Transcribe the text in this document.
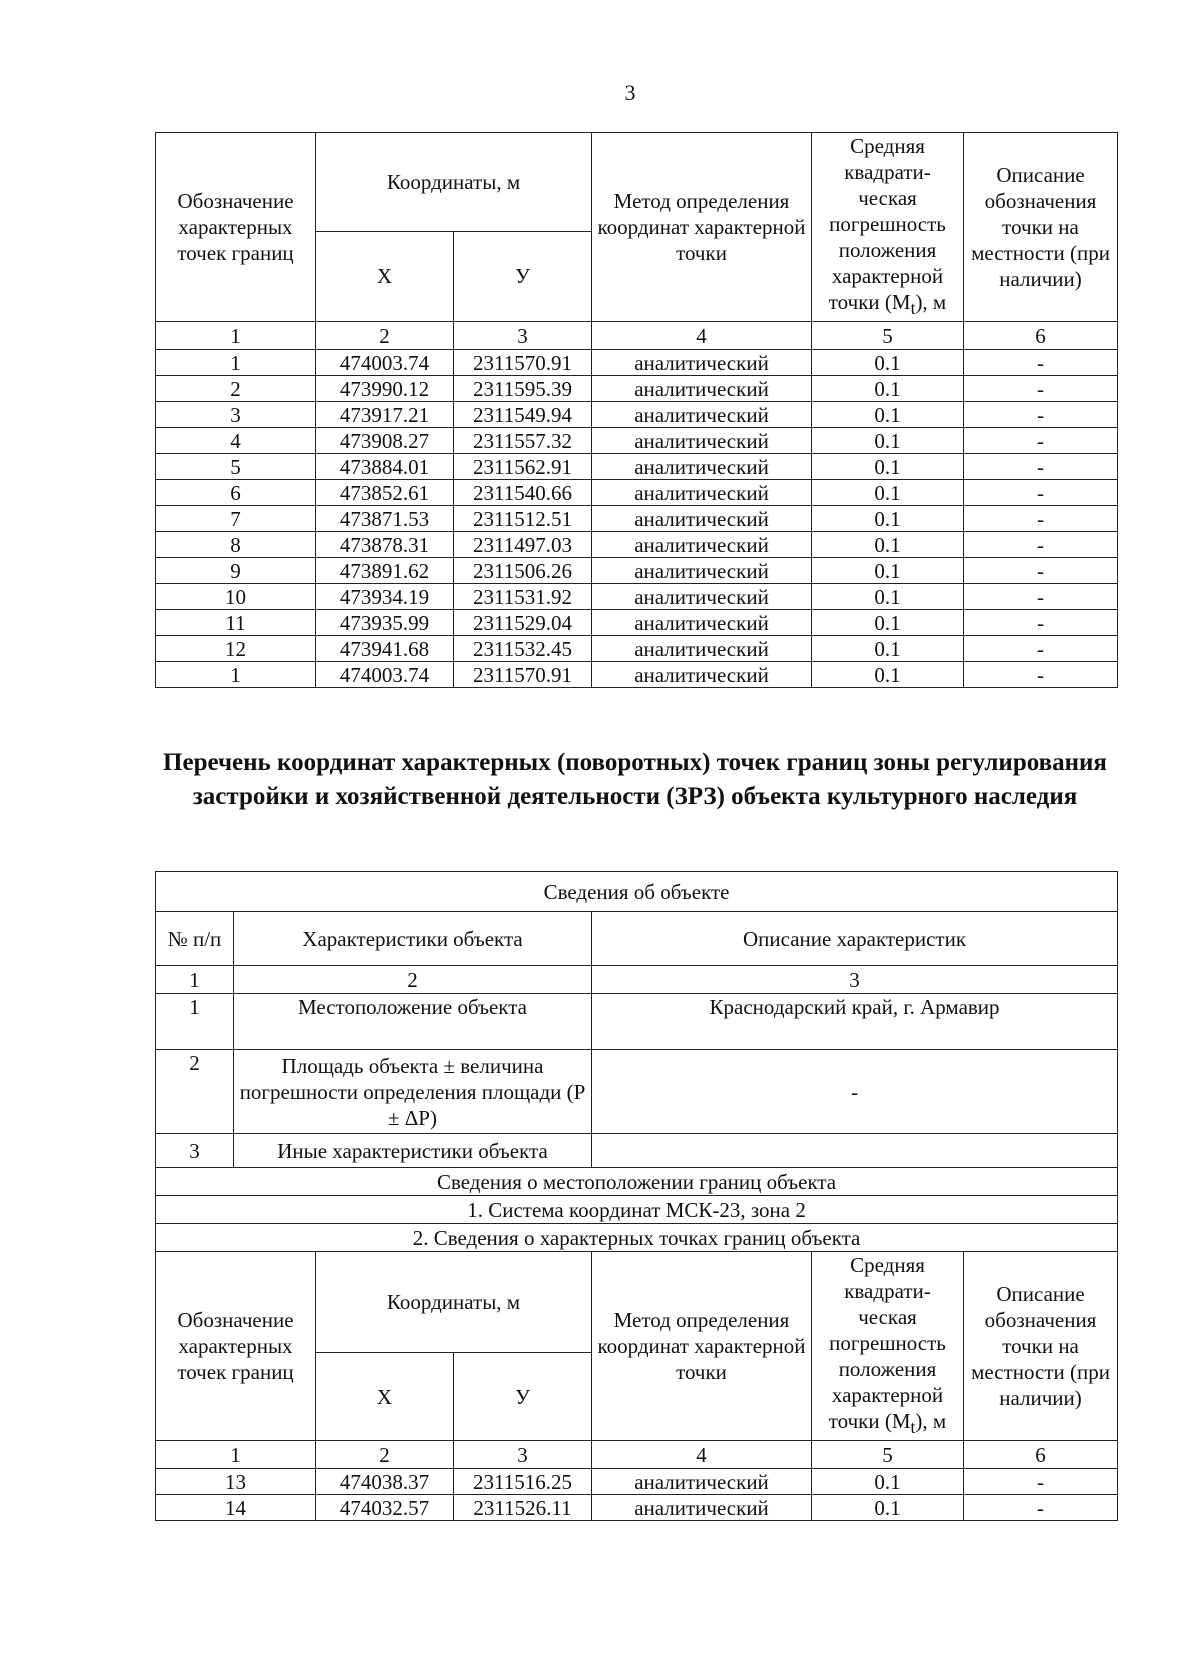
3
Обозначение характерных точек границ	Координаты, м		Метод определения координат характерной точки	Средняя квадрати- ческая погрешность положения характерной точки $(M_t)$, м	Описание обозначения точки на местности (при наличии)
	Х	У			
1	2	3	4	5	6
1	474003.74	2311570.91	аналитический	0.1	-
2	473990.12	2311595.39	аналитический	0.1	-
3	473917.21	2311549.94	аналитический	0.1	-
4	473908.27	2311557.32	аналитический	0.1	-
5	473884.01	2311562.91	аналитический	0.1	-
6	473852.61	2311540.66	аналитический	0.1	-
7	473871.53	2311512.51	аналитический	0.1	-
8	473878.31	2311497.03	аналитический	0.1	-
9	473891.62	2311506.26	аналитический	0.1	-
10	473934.19	2311531.92	аналитический	0.1	-
11	473935.99	2311529.04	аналитический	0.1	-
12	473941.68	2311532.45	аналитический	0.1	-
1	474003.74	2311570.91	аналитический	0.1	-
Перечень координат характерных (поворотных) точек границ зоны регулирования застройки и хозяйственной деятельности (ЗРЗ) объекта культурного наследия
Сведения об объекте						
№ п/п	Характеристики объекта			Описание характеристик		
1	2			3		
1	Местоположение объекта			Краснодарский край, г. Армавир		
2	Площадь объекта ± величина погрешности определения площади (Р ± ΔР)			-		
3	Иные характеристики объекта					
Сведения о местоположении границ объекта						
1. Система координат МСК-23, зона 2						
2. Сведения о характерных точках границ объекта						
Обозначение характерных точек границ		Координаты, м		Метод определения координат характерной точки	Средняя квадрати- ческая погрешность положения характерной точки $(M_t)$, м	Описание обозначения точки на местности (при наличии)
		Х	У			
1		2	3	4	5	6
13		474038.37	2311516.25	аналитический	0.1	-
14		474032.57	2311526.11	аналитический	0.1	-
